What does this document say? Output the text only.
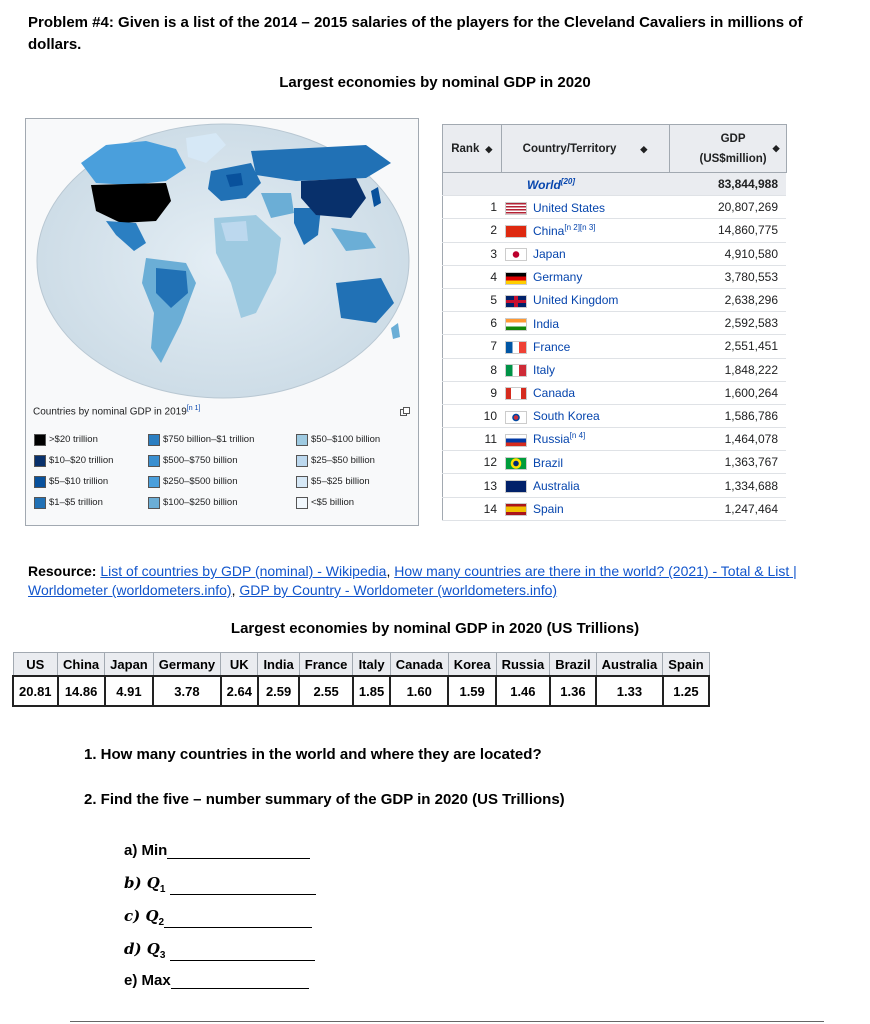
Problem #4: Given is a list of the 2014 – 2015 salaries of the players for the Cleveland Cavaliers in millions of dollars.
Largest economies by nominal GDP in 2020
Countries by nominal GDP in 2019[n 1]
>$20 trillion
$10–$20 trillion
$5–$10 trillion
$1–$5 trillion
$750 billion–$1 trillion
$500–$750 billion
$250–$500 billion
$100–$250 billion
$50–$100 billion
$25–$50 billion
$5–$25 billion
<$5 billion
Rank ◆	Country/Territory ◆	GDP
(US$million)
◆

	World[20]	83,844,988
1	United States	20,807,269
2	China[n 2][n 3]	14,860,775
3	Japan	4,910,580
4	Germany	3,780,553
5	United Kingdom	2,638,296
6	India	2,592,583
7	France	2,551,451
8	Italy	1,848,222
9	Canada	1,600,264
10	South Korea	1,586,786
11	Russia[n 4]	1,464,078
12	Brazil	1,363,767
13	Australia	1,334,688
14	Spain	1,247,464
Resource: List of countries by GDP (nominal) - Wikipedia, How many countries are there in the world? (2021) - Total & List | Worldometer (worldometers.info), GDP by Country - Worldometer (worldometers.info)
Largest economies by nominal GDP in 2020 (US Trillions)
US	China	Japan	Germany	UK	India	France	Italy	Canada	Korea	Russia	Brazil	Australia	Spain
20.81	14.86	4.91	3.78	2.64	2.59	2.55	1.85	1.60	1.59	1.46	1.36	1.33	1.25
1. How many countries in the world and where they are located?
2. Find the five – number summary of the GDP in 2020 (US Trillions)
a) Min
b) $Q_1$
c) $Q_2$
d) $Q_3$
e) Max
